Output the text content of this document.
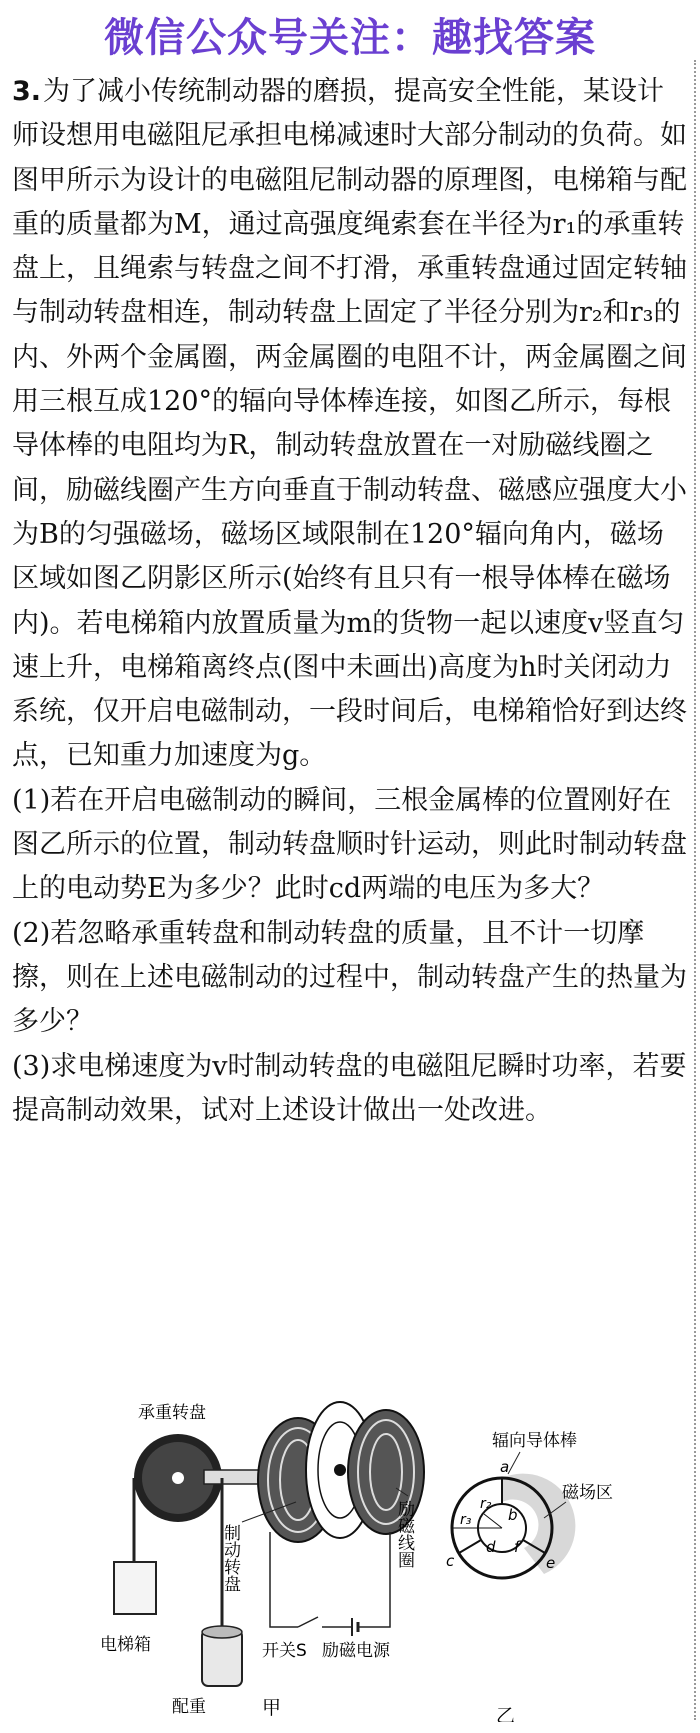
微信公众号关注：趣找答案

3.为了减小传统制动器的磨损，提高安全性能，某设计师设想用电磁阻尼承担电梯减速时大部分制动的负荷。如图甲所示为设计的电磁阻尼制动器的原理图，电梯箱与配重的质量都为M，通过高强度绳索套在半径为r₁的承重转盘上，且绳索与转盘之间不打滑，承重转盘通过固定转轴与制动转盘相连，制动转盘上固定了半径分别为r₂和r₃的内、外两个金属圈，两金属圈的电阻不计，两金属圈之间用三根互成120°的辐向导体棒连接，如图乙所示，每根导体棒的电阻均为R，制动转盘放置在一对励磁线圈之间，励磁线圈产生方向垂直于制动转盘、磁感应强度大小为B的匀强磁场，磁场区域限制在120°辐向角内，磁场区域如图乙阴影区所示(始终有且只有一根导体棒在磁场内)。若电梯箱内放置质量为m的货物一起以速度v竖直匀速上升，电梯箱离终点(图中未画出)高度为h时关闭动力系统，仅开启电磁制动，一段时间后，电梯箱恰好到达终点，已知重力加速度为g。

(1)若在开启电磁制动的瞬间，三根金属棒的位置刚好在图乙所示的位置，制动转盘顺时针运动，则此时制动转盘上的电动势E为多少？此时cd两端的电压为多大？

(2)若忽略承重转盘和制动转盘的质量，且不计一切摩擦，则在上述电磁制动的过程中，制动转盘产生的热量为多少？

(3)求电梯速度为v时制动转盘的电磁阻尼瞬时功率，若要提高制动效果，试对上述设计做出一处改进。

承重转盘
电梯箱
配重
制动转盘	励磁线圈
开关S 励磁电源
甲
辐向导体棒
a
b
c
d
e
f
r₂
r₃
磁场区
乙
